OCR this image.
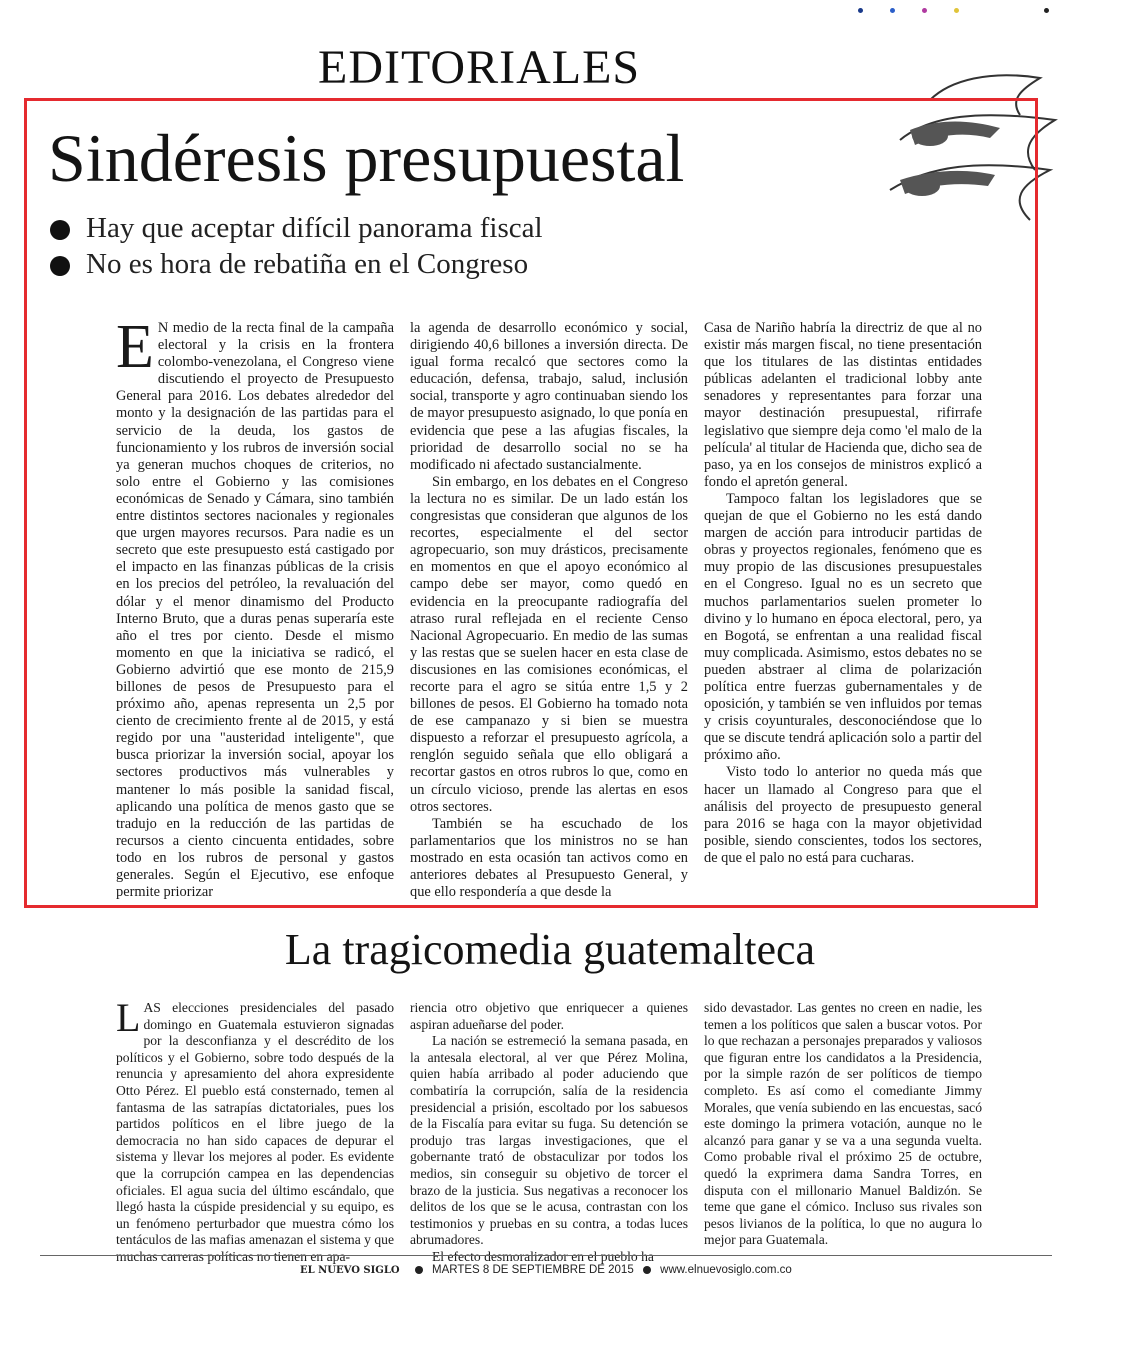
EDITORIALES
Sindéresis presupuestal
Hay que aceptar difícil panorama fiscal
No es hora de rebatiña en el Congreso

E N medio de la recta final de la campaña electoral y la crisis en la frontera colombo-venezolana, el Congreso viene discutiendo el proyecto de Presupuesto General para 2016. Los debates alrededor del monto y la designación de las partidas para el servicio de la deuda, los gastos de funcionamiento y los rubros de inversión social ya generan muchos choques de criterios, no solo entre el Gobierno y las comisiones económicas de Senado y Cámara, sino también entre distintos sectores nacionales y regionales que urgen mayores recursos. Para nadie es un secreto que este presupuesto está castigado por el impacto en las finanzas públicas de la crisis en los precios del petróleo, la revaluación del dólar y el menor dinamismo del Producto Interno Bruto, que a duras penas superaría este año el tres por ciento. Desde el mismo momento en que la iniciativa se radicó, el Gobierno advirtió que ese monto de 215,9 billones de pesos de Presupuesto para el próximo año, apenas representa un 2,5 por ciento de crecimiento frente al de 2015, y está regido por una "austeridad inteligente", que busca priorizar la inversión social, apoyar los sectores productivos más vulnerables y mantener lo más posible la sanidad fiscal, aplicando una política de menos gasto que se tradujo en la reducción de las partidas de recursos a ciento cincuenta entidades, sobre todo en los rubros de personal y gastos generales. Según el Ejecutivo, ese enfoque permite priorizar

la agenda de desarrollo económico y social, dirigiendo 40,6 billones a inversión directa. De igual forma recalcó que sectores como la educación, defensa, trabajo, salud, inclusión social, transporte y agro continuaban siendo los de mayor presupuesto asignado, lo que ponía en evidencia que pese a las afugias fiscales, la prioridad de desarrollo social no se ha modificado ni afectado sustancialmente.

Sin embargo, en los debates en el Congreso la lectura no es similar. De un lado están los congresistas que consideran que algunos de los recortes, especialmente el del sector agropecuario, son muy drásticos, precisamente en momentos en que el apoyo económico al campo debe ser mayor, como quedó en evidencia en la preocupante radiografía del atraso rural reflejada en el reciente Censo Nacional Agropecuario. En medio de las sumas y las restas que se suelen hacer en esta clase de discusiones en las comisiones económicas, el recorte para el agro se sitúa entre 1,5 y 2 billones de pesos. El Gobierno ha tomado nota de ese campanazo y si bien se muestra dispuesto a reforzar el presupuesto agrícola, a renglón seguido señala que ello obligará a recortar gastos en otros rubros lo que, como en un círculo vicioso, prende las alertas en esos otros sectores.

También se ha escuchado de los parlamentarios que los ministros no se han mostrado en esta ocasión tan activos como en anteriores debates al Presupuesto General, y que ello respondería a que desde la

Casa de Nariño habría la directriz de que al no existir más margen fiscal, no tiene presentación que los titulares de las distintas entidades públicas adelanten el tradicional lobby ante senadores y representantes para forzar una mayor destinación presupuestal, rifirrafe legislativo que siempre deja como 'el malo de la película' al titular de Hacienda que, dicho sea de paso, ya en los consejos de ministros explicó a fondo el apretón general.

Tampoco faltan los legisladores que se quejan de que el Gobierno no les está dando margen de acción para introducir partidas de obras y proyectos regionales, fenómeno que es muy propio de las discusiones presupuestales en el Congreso. Igual no es un secreto que muchos parlamentarios suelen prometer lo divino y lo humano en época electoral, pero, ya en Bogotá, se enfrentan a una realidad fiscal muy complicada. Asimismo, estos debates no se pueden abstraer al clima de polarización política entre fuerzas gubernamentales y de oposición, y también se ven influidos por temas y crisis coyunturales, desconociéndose que lo que se discute tendrá aplicación solo a partir del próximo año.

Visto todo lo anterior no queda más que hacer un llamado al Congreso para que el análisis del proyecto de presupuesto general para 2016 se haga con la mayor objetividad posible, siendo conscientes, todos los sectores, de que el palo no está para cucharas.

La tragicomedia guatemalteca

LAS elecciones presidenciales del pasado domingo en Guatemala estuvieron signadas por la desconfianza y el descrédito de los políticos y el Gobierno, sobre todo después de la renuncia y apresamiento del ahora expresidente Otto Pérez. El pueblo está consternado, temen al fantasma de las satrapías dictatoriales, pues los partidos políticos en el libre juego de la democracia no han sido capaces de depurar el sistema y llevar los mejores al poder. Es evidente que la corrupción campea en las dependencias oficiales. El agua sucia del último escándalo, que llegó hasta la cúspide presidencial y su equipo, es un fenómeno perturbador que muestra cómo los tentáculos de las mafias amenazan el sistema y que muchas carreras políticas no tienen en apa-

riencia otro objetivo que enriquecer a quienes aspiran adueñarse del poder.

La nación se estremeció la semana pasada, en la antesala electoral, al ver que Pérez Molina, quien había arribado al poder aduciendo que combatiría la corrupción, salía de la residencia presidencial a prisión, escoltado por los sabuesos de la Fiscalía para evitar su fuga. Su detención se produjo tras largas investigaciones, que el gobernante trató de obstaculizar por todos los medios, sin conseguir su objetivo de torcer el brazo de la justicia. Sus negativas a reconocer los delitos de los que se le acusa, contrastan con los testimonios y pruebas en su contra, a todas luces abrumadores.

El efecto desmoralizador en el pueblo ha

sido devastador. Las gentes no creen en nadie, les temen a los políticos que salen a buscar votos. Por lo que rechazan a personajes preparados y valiosos que figuran entre los candidatos a la Presidencia, por la simple razón de ser políticos de tiempo completo. Es así como el comediante Jimmy Morales, que venía subiendo en las encuestas, sacó este domingo la primera votación, aunque no le alcanzó para ganar y se va a una segunda vuelta. Como probable rival el próximo 25 de octubre, quedó la exprimera dama Sandra Torres, en disputa con el millonario Manuel Baldizón. Se teme que gane el cómico. Incluso sus rivales son pesos livianos de la política, lo que no augura lo mejor para Guatemala.

EL NUEVO SIGLO	MARTES 8 DE SEPTIEMBRE DE 2015 www.elnuevosiglo.com.co
